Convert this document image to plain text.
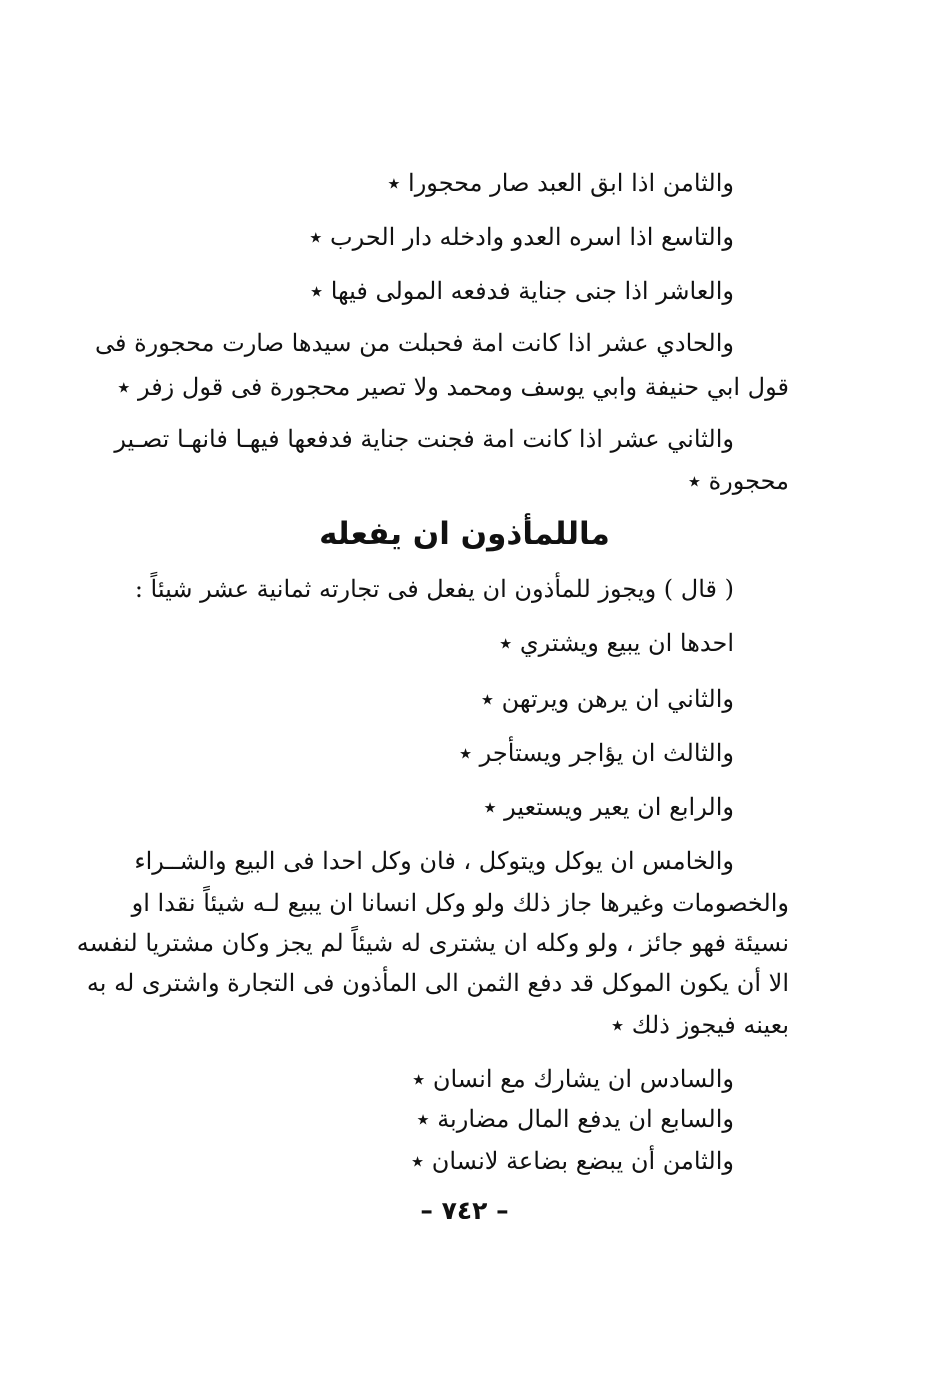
والثامن اذا ابق العبد صار محجورا ٭
والتاسع اذا اسره العدو وادخله دار الحرب ٭
والعاشر اذا جنى جناية فدفعه المولى فيها ٭
والحادي عشر اذا كانت امة فحبلت من سيدها صارت محجورة فى
قول ابي حنيفة وابي يوسف ومحمد ولا تصير محجورة فى قول زفر ٭
والثاني عشر اذا كانت امة فجنت جناية فدفعها فيهـا فانهـا تصـير
محجورة ٭
ماللمأذون ان يفعله
( قال ) ويجوز للمأذون ان يفعل فى تجارته ثمانية عشر شيئاً :
احدها ان يبيع ويشتري ٭
والثاني ان يرهن ويرتهن ٭
والثالث ان يؤاجر ويستأجر ٭
والرابع ان يعير ويستعير ٭
والخامس ان يوكل ويتوكل ، فان وكل احدا فى البيع والشــراء
والخصومات وغيرها جاز ذلك ولو وكل انسانا ان يبيع لـه شيئاً نقدا او
نسيئة فهو جائز ، ولو وكله ان يشترى له شيئاً لم يجز وكان مشتريا لنفسه
الا أن يكون الموكل قد دفع الثمن الى المأذون فى التجارة واشترى له به
بعينه فيجوز ذلك ٭
والسادس ان يشارك مع انسان ٭
والسابع ان يدفع المال مضاربة ٭
والثامن أن يبضع بضاعة لانسان ٭
– ٧٤٢ –
